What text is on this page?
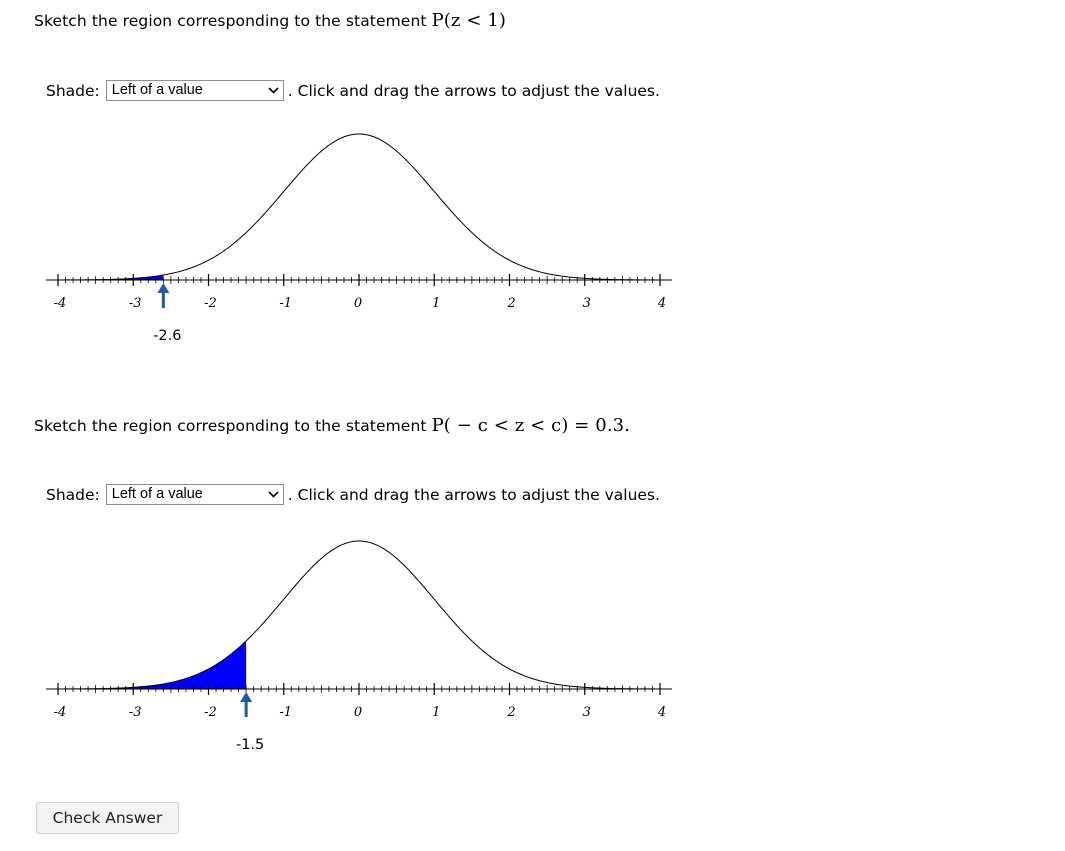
Sketch the region corresponding to the statement P(z < 1)
Shade: Left of a value	. Click and drag the arrows to adjust the values.
-4	-3	-2	-1	0	1	2	3	4
-2.6
Sketch the region corresponding to the statement P( − c < z < c) = 0.3.
Shade: Left of a value	. Click and drag the arrows to adjust the values.
-4	-3	-2	-1	0	1	2	3	4
-1.5
Check Answer
